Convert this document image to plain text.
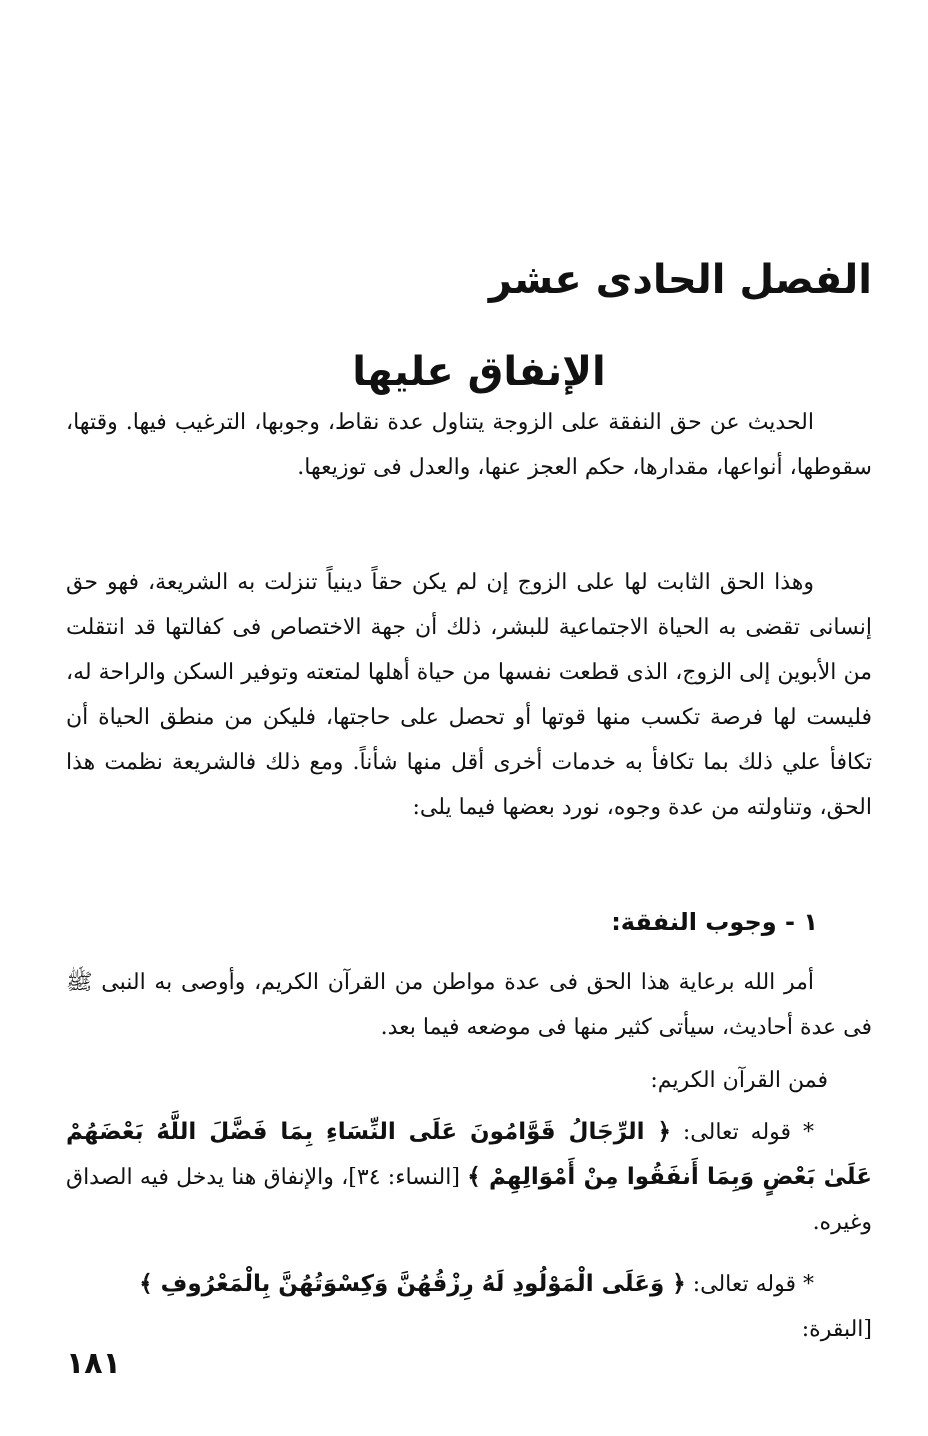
الفصل الحادى عشر
الإنفاق عليها

الحديث عن حق النفقة على الزوجة يتناول عدة نقاط، وجوبها، الترغيب فيها. وقتها، سقوطها، أنواعها، مقدارها، حكم العجز عنها، والعدل فى توزيعها.

وهذا الحق الثابت لها على الزوج إن لم يكن حقاً دينياً تنزلت به الشريعة، فهو حق إنسانى تقضى به الحياة الاجتماعية للبشر، ذلك أن جهة الاختصاص فى كفالتها قد انتقلت من الأبوين إلى الزوج، الذى قطعت نفسها من حياة أهلها لمتعته وتوفير السكن والراحة له، فليست لها فرصة تكسب منها قوتها أو تحصل على حاجتها، فليكن من منطق الحياة أن تكافأ علي ذلك بما تكافأ به خدمات أخرى أقل منها شأناً. ومع ذلك فالشريعة نظمت هذا الحق، وتناولته من عدة وجوه، نورد بعضها فيما يلى:

١ - وجوب النفقة:

أمر الله برعاية هذا الحق فى عدة مواطن من القرآن الكريم، وأوصى به النبى ﷺ فى عدة أحاديث، سيأتى كثير منها فى موضعه فيما بعد.

فمن القرآن الكريم:

* قوله تعالى: ﴿ الرِّجَالُ قَوَّامُونَ عَلَى النِّسَاءِ بِمَا فَضَّلَ اللَّهُ بَعْضَهُمْ عَلَىٰ بَعْضٍ وَبِمَا أَنفَقُوا مِنْ أَمْوَالِهِمْ ﴾ [النساء: ٣٤]، والإنفاق هنا يدخل فيه الصداق وغيره.

* قوله تعالى: ﴿ وَعَلَى الْمَوْلُودِ لَهُ رِزْقُهُنَّ وَكِسْوَتُهُنَّ بِالْمَعْرُوفِ ﴾ [البقرة:

١٨١
